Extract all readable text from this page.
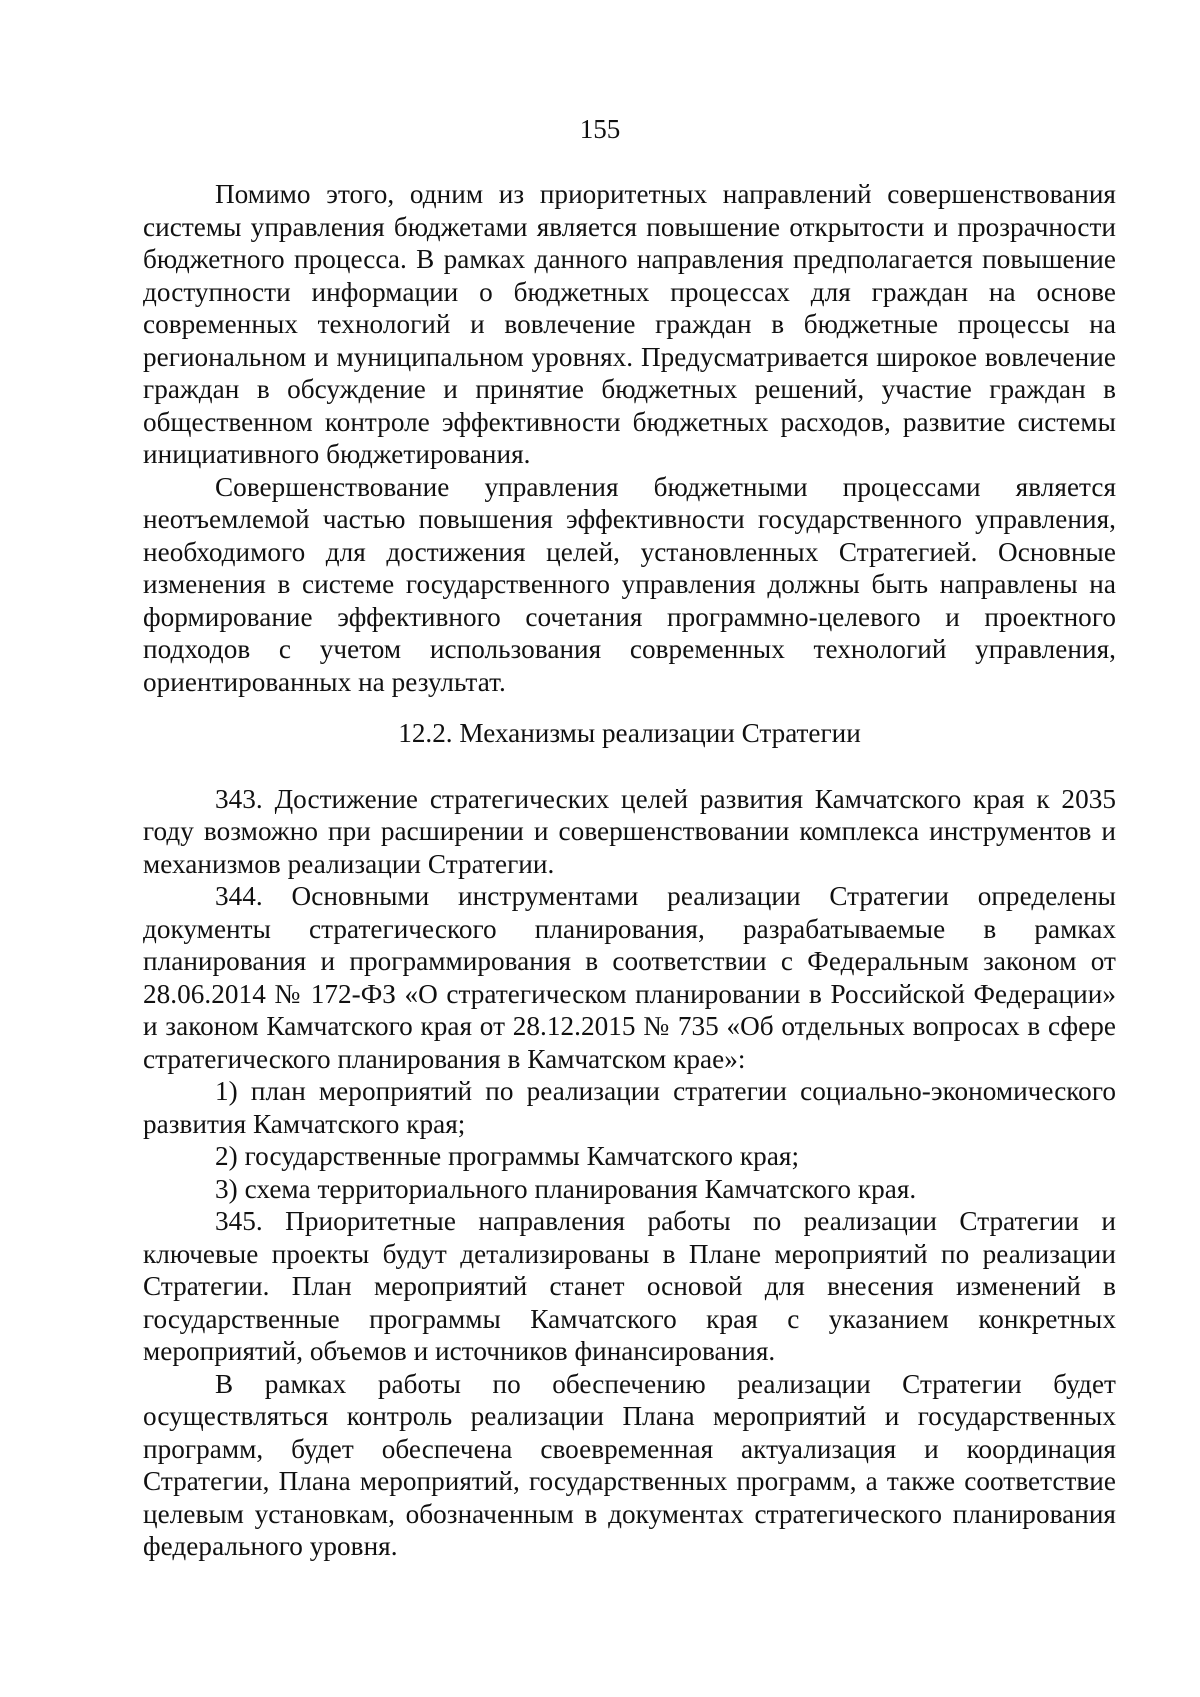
155

Помимо этого, одним из приоритетных направлений совершенствования системы управления бюджетами является повышение открытости и прозрачности бюджетного процесса. В рамках данного направления предполагается повышение доступности информации о бюджетных процессах для граждан на основе современных технологий и вовлечение граждан в бюджетные процессы на региональном и муниципальном уровнях. Предусматривается широкое вовлечение граждан в обсуждение и принятие бюджетных решений, участие граждан в общественном контроле эффективности бюджетных расходов, развитие системы инициативного бюджетирования.

Совершенствование управления бюджетными процессами является неотъемлемой частью повышения эффективности государственного управления, необходимого для достижения целей, установленных Стратегией. Основные изменения в системе государственного управления должны быть направлены на формирование эффективного сочетания программно-целевого и проектного подходов с учетом использования современных технологий управления, ориентированных на результат.

12.2. Механизмы реализации Стратегии

343. Достижение стратегических целей развития Камчатского края к 2035 году возможно при расширении и совершенствовании комплекса инструментов и механизмов реализации Стратегии.

344. Основными инструментами реализации Стратегии определены документы стратегического планирования, разрабатываемые в рамках планирования и программирования в соответствии с Федеральным законом от 28.06.2014 № 172-ФЗ «О стратегическом планировании в Российской Федерации» и законом Камчатского края от 28.12.2015 № 735 «Об отдельных вопросах в сфере стратегического планирования в Камчатском крае»:

1) план мероприятий по реализации стратегии социально-экономического развития Камчатского края;

2) государственные программы Камчатского края;

3) схема территориального планирования Камчатского края.

345. Приоритетные направления работы по реализации Стратегии и ключевые проекты будут детализированы в Плане мероприятий по реализации Стратегии. План мероприятий станет основой для внесения изменений в государственные программы Камчатского края с указанием конкретных мероприятий, объемов и источников финансирования.

В рамках работы по обеспечению реализации Стратегии будет осуществляться контроль реализации Плана мероприятий и государственных программ, будет обеспечена своевременная актуализация и координация Стратегии, Плана мероприятий, государственных программ, а также соответствие целевым установкам, обозначенным в документах стратегического планирования федерального уровня.
